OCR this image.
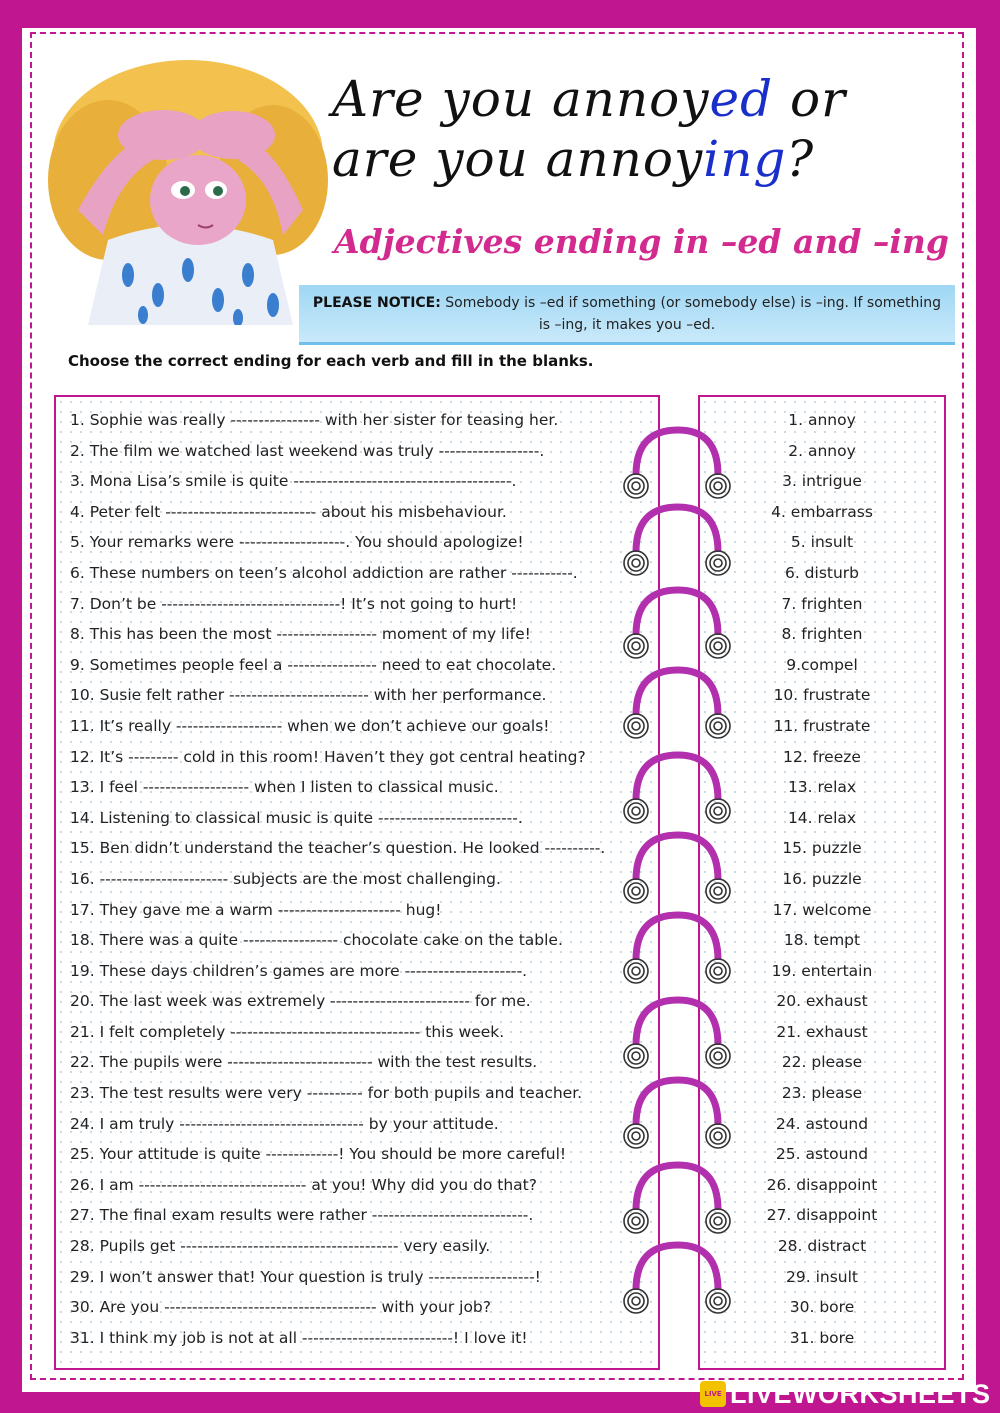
Are you annoyed or
are you annoying?
Adjectives ending in –ed and –ing
PLEASE NOTICE: Somebody is –ed if something (or somebody else) is –ing. If something is –ing, it makes you –ed.
Choose the correct ending for each verb and fill in the blanks.
1. Sophie was really ---------------- with her sister for teasing her.
2. The film we watched last weekend was truly ------------------.
3. Mona Lisa’s smile is quite ---------------------------------------.
4. Peter felt --------------------------- about his misbehaviour.
5. Your remarks were -------------------. You should apologize!
6. These numbers on teen’s alcohol addiction are rather -----------.
7. Don’t be --------------------------------! It’s not going to hurt!
8. This has been the most ------------------ moment of my life!
9. Sometimes people feel a ---------------- need to eat chocolate.
10. Susie felt rather ------------------------- with her performance.
11. It’s really ------------------- when we don’t achieve our goals!
12. It’s --------- cold in this room! Haven’t they got central heating?
13. I feel ------------------- when I listen to classical music.
14. Listening to classical music is quite -------------------------.
15. Ben didn’t understand the teacher’s question. He looked ----------.
16. ----------------------- subjects are the most challenging.
17. They gave me a warm ---------------------- hug!
18. There was a quite ----------------- chocolate cake on the table.
19. These days children’s games are more ---------------------.
20. The last week was extremely ------------------------- for me.
21. I felt completely ---------------------------------- this week.
22. The pupils were -------------------------- with the test results.
23. The test results were very ---------- for both pupils and teacher.
24. I am truly --------------------------------- by your attitude.
25. Your attitude is quite -------------! You should be more careful!
26. I am ------------------------------ at you! Why did you do that?
27. The final exam results were rather ----------------------------.
28. Pupils get --------------------------------------- very easily.
29. I won’t answer that! Your question is truly -------------------!
30. Are you -------------------------------------- with your job?
31. I think my job is not at all ---------------------------! I love it!
1. annoy
2. annoy
3. intrigue
4. embarrass
5. insult
6. disturb
7. frighten
8. frighten
9.compel
10. frustrate
11. frustrate
12. freeze
13. relax
14. relax
15. puzzle
16. puzzle
17. welcome
18. tempt
19. entertain
20. exhaust
21. exhaust
22. please
23. please
24. astound
25. astound
26. disappoint
27. disappoint
28. distract
29. insult
30. bore
31. bore
LIVE LIVEWORKSHEETS
